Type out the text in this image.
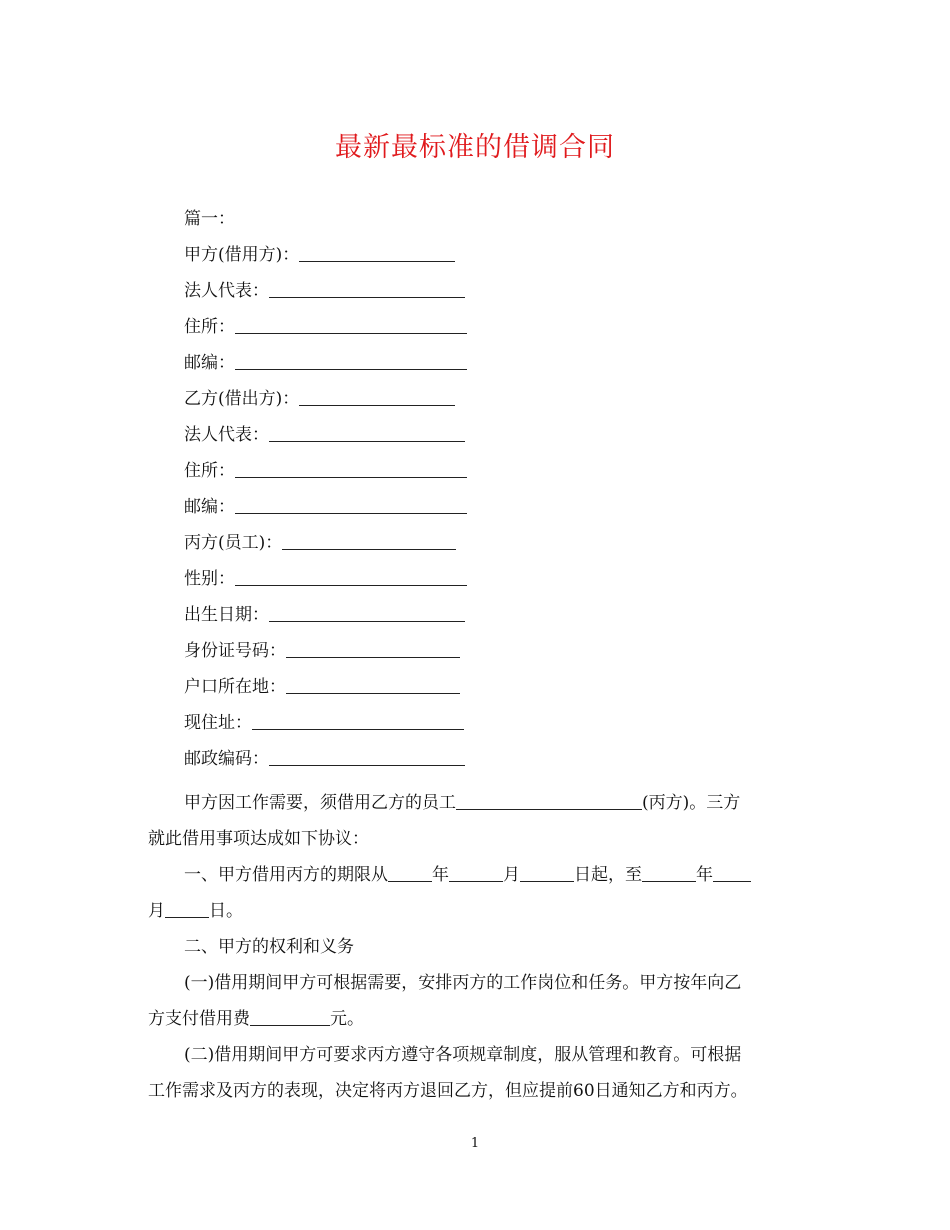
最新最标准的借调合同
篇一：
甲方(借用方)：
法人代表：
住所：
邮编：
乙方(借出方)：
法人代表：
住所：
邮编：
丙方(员工)：
性别：
出生日期：
身份证号码：
户口所在地：
现住址：
邮政编码：
甲方因工作需要，须借用乙方的员工	(丙方)。三方
就此借用事项达成如下协议：
一、甲方借用丙方的期限从	年	月	日起，至	年
月	日。
二、甲方的权利和义务
(一)借用期间甲方可根据需要，安排丙方的工作岗位和任务。甲方按年向乙
方支付借用费	元。
(二)借用期间甲方可要求丙方遵守各项规章制度，服从管理和教育。可根据
工作需求及丙方的表现，决定将丙方退回乙方，但应提前60日通知乙方和丙方。
1
